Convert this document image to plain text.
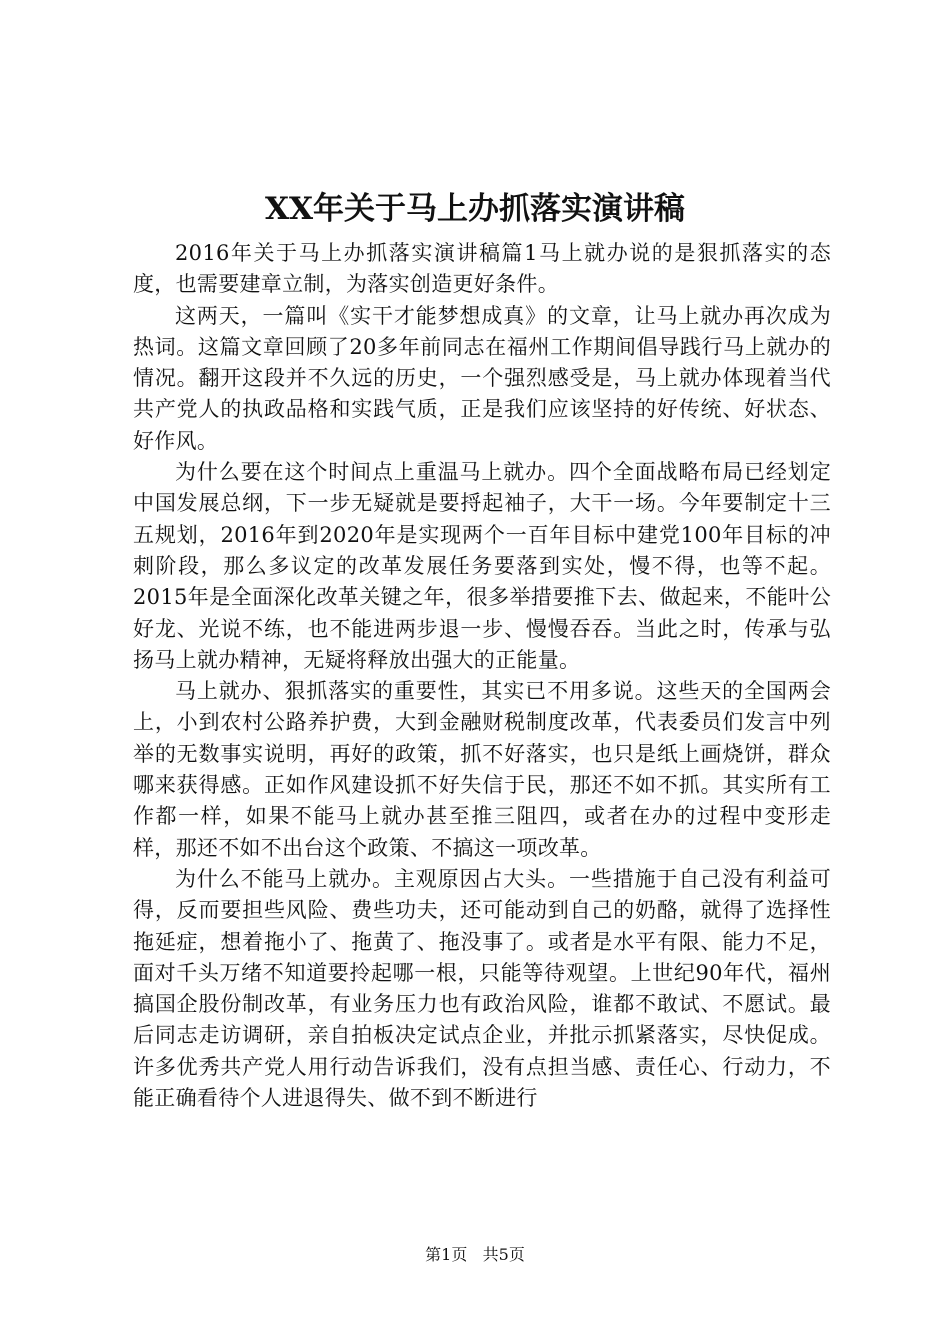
XX年关于马上办抓落实演讲稿

2016年关于马上办抓落实演讲稿篇1马上就办说的是狠抓落实的态度，也需要建章立制，为落实创造更好条件。

这两天，一篇叫《实干才能梦想成真》的文章，让马上就办再次成为热词。这篇文章回顾了20多年前同志在福州工作期间倡导践行马上就办的情况。翻开这段并不久远的历史，一个强烈感受是，马上就办体现着当代共产党人的执政品格和实践气质，正是我们应该坚持的好传统、好状态、好作风。

为什么要在这个时间点上重温马上就办。四个全面战略布局已经划定中国发展总纲，下一步无疑就是要捋起袖子，大干一场。今年要制定十三五规划，2016年到2020年是实现两个一百年目标中建党100年目标的冲刺阶段，那么多议定的改革发展任务要落到实处，慢不得，也等不起。2015年是全面深化改革关键之年，很多举措要推下去、做起来，不能叶公好龙、光说不练，也不能进两步退一步、慢慢吞吞。当此之时，传承与弘扬马上就办精神，无疑将释放出强大的正能量。

马上就办、狠抓落实的重要性，其实已不用多说。这些天的全国两会上，小到农村公路养护费，大到金融财税制度改革，代表委员们发言中列举的无数事实说明，再好的政策，抓不好落实，也只是纸上画烧饼，群众哪来获得感。正如作风建设抓不好失信于民，那还不如不抓。其实所有工作都一样，如果不能马上就办甚至推三阻四，或者在办的过程中变形走样，那还不如不出台这个政策、不搞这一项改革。

为什么不能马上就办。主观原因占大头。一些措施于自己没有利益可得，反而要担些风险、费些功夫，还可能动到自己的奶酪，就得了选择性拖延症，想着拖小了、拖黄了、拖没事了。或者是水平有限、能力不足，面对千头万绪不知道要拎起哪一根，只能等待观望。上世纪90年代，福州搞国企股份制改革，有业务压力也有政治风险，谁都不敢试、不愿试。最后同志走访调研，亲自拍板决定试点企业，并批示抓紧落实，尽快促成。许多优秀共产党人用行动告诉我们，没有点担当感、责任心、行动力，不能正确看待个人进退得失、做不到不断进行

第1页 共5页
